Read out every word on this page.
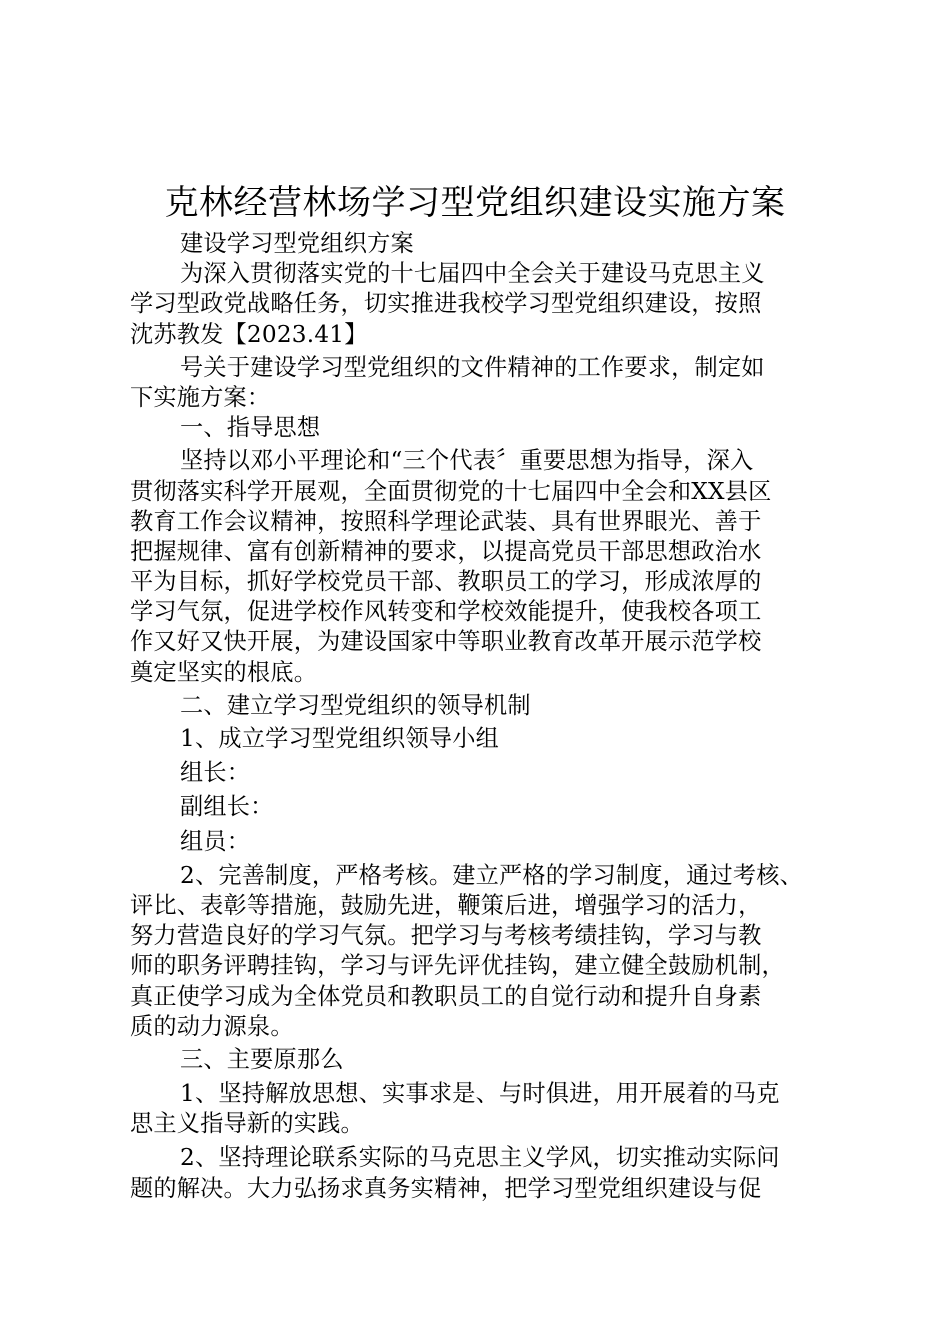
克林经营林场学习型党组织建设实施方案
建设学习型党组织方案
为深入贯彻落实党的十七届四中全会关于建设马克思主义
学习型政党战略任务，切实推进我校学习型党组织建设，按照
沈苏教发【2023.41】
号关于建设学习型党组织的文件精神的工作要求，制定如
下实施方案：
一、指导思想
坚持以邓小平理论和“三个代表〞重要思想为指导，深入
贯彻落实科学开展观，全面贯彻党的十七届四中全会和XX县区
教育工作会议精神，按照科学理论武装、具有世界眼光、善于
把握规律、富有创新精神的要求，以提高党员干部思想政治水
平为目标，抓好学校党员干部、教职员工的学习，形成浓厚的
学习气氛，促进学校作风转变和学校效能提升，使我校各项工
作又好又快开展，为建设国家中等职业教育改革开展示范学校
奠定坚实的根底。
二、建立学习型党组织的领导机制
1、成立学习型党组织领导小组
组长：
副组长：
组员：
2、完善制度，严格考核。建立严格的学习制度，通过考核、
评比、表彰等措施，鼓励先进，鞭策后进，增强学习的活力，
努力营造良好的学习气氛。把学习与考核考绩挂钩，学习与教
师的职务评聘挂钩，学习与评先评优挂钩，建立健全鼓励机制，
真正使学习成为全体党员和教职员工的自觉行动和提升自身素
质的动力源泉。
三、主要原那么
1、坚持解放思想、实事求是、与时俱进，用开展着的马克
思主义指导新的实践。
2、坚持理论联系实际的马克思主义学风，切实推动实际问
题的解决。大力弘扬求真务实精神，把学习型党组织建设与促
